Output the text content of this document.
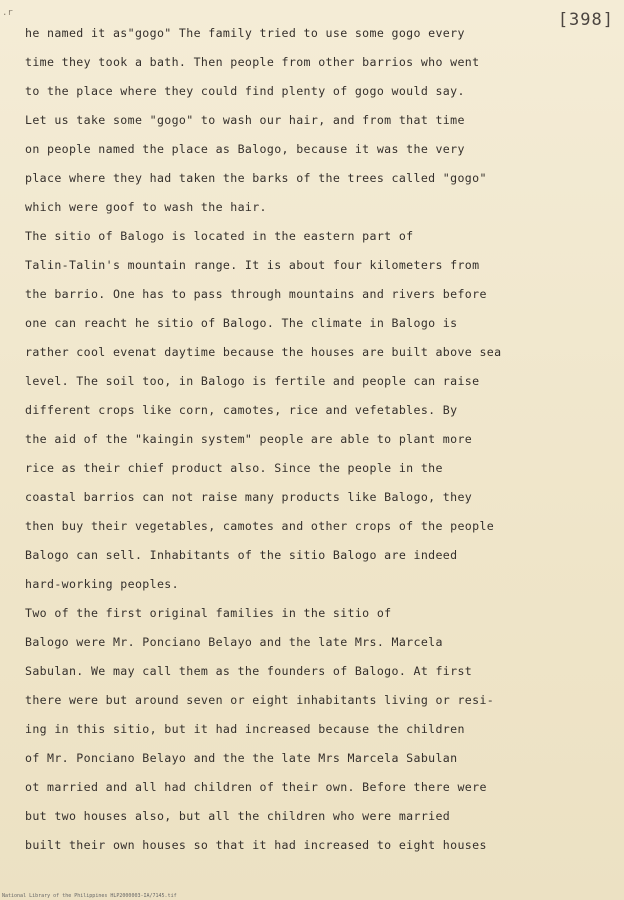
.r	[398]
he named it as"gogo" The family tried to use some gogo every
time they took a bath. Then people from other barrios who went
to the place where they could find plenty of gogo would say.
Let us take some "gogo" to wash our hair, and from that time
on people named the place as Balogo, because it was the very
place where they had taken the barks of the trees called "gogo"
which were goof to wash the hair.
The sitio of Balogo is located in the eastern part of
Talin-Talin's mountain range. It is about four kilometers from
the barrio. One has to pass through mountains and rivers before
one can reacht he sitio of Balogo. The climate in Balogo is
rather cool evenat daytime because the houses are built above sea
level. The soil too, in Balogo is fertile and people can raise
different crops like corn, camotes, rice and vefetables. By
the aid of the "kaingin system" people are able to plant more
rice as their chief product also. Since the people in the
coastal barrios can not raise many products like Balogo, they
then buy their vegetables, camotes and other crops of the people
Balogo can sell. Inhabitants of the sitio Balogo are indeed
hard-working peoples.
Two of the first original families in the sitio of
Balogo were Mr. Ponciano Belayo and the late Mrs. Marcela
Sabulan. We may call them as the founders of Balogo. At first
there were but around seven or eight inhabitants living or resi-
ing in this sitio, but it had increased because the children
of Mr. Ponciano Belayo and the the late Mrs Marcela Sabulan
ot married and all had children of their own. Before there were
but two houses also, but all the children who were married
built their own houses so that it had increased to eight houses
National Library of the Philippines HLP2000003-IA/7145.tif
